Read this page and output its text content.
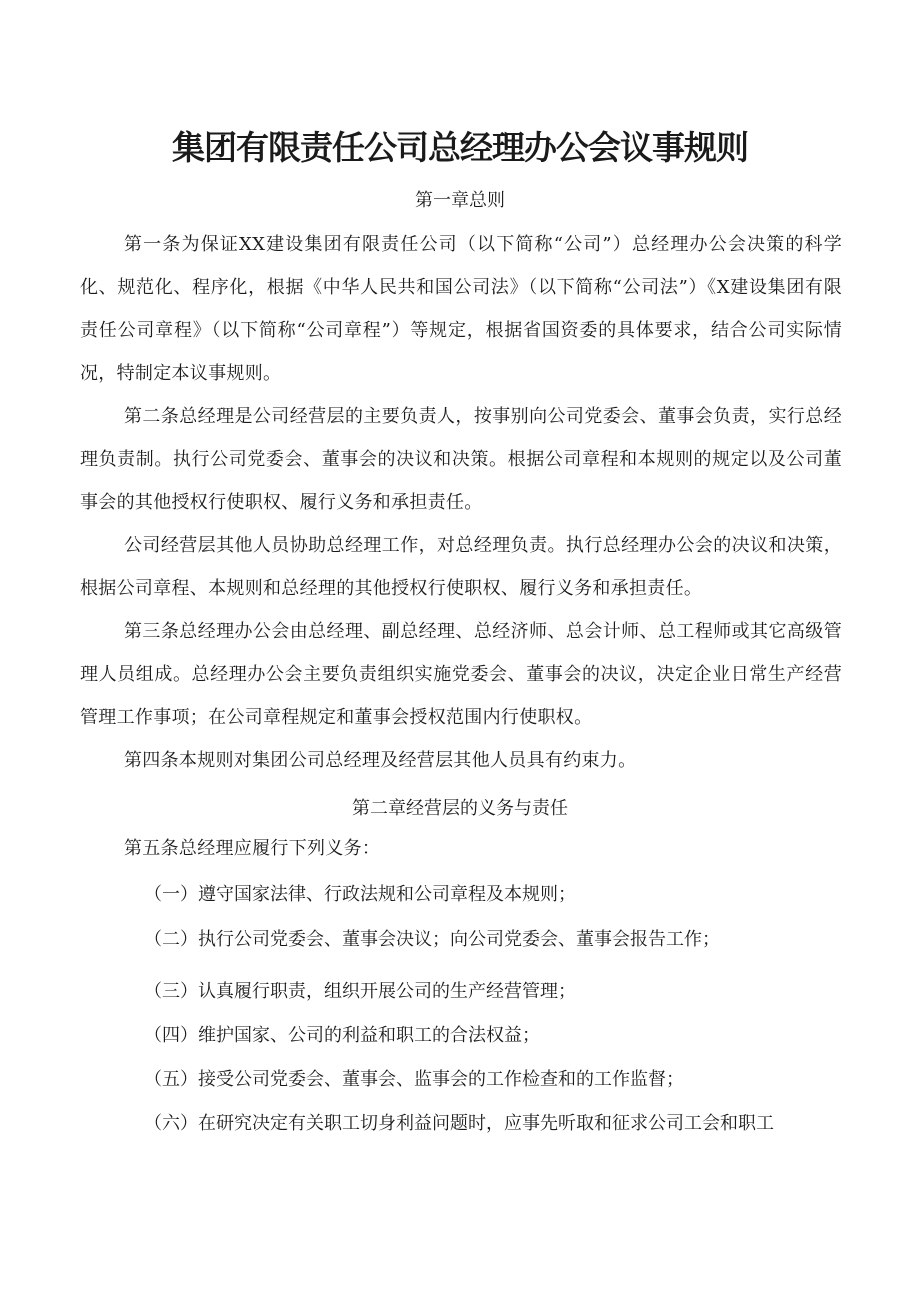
集团有限责任公司总经理办公会议事规则

第一章总则

第一条为保证XX建设集团有限责任公司（以下简称“公司”）总经理办公会决策的科学化、规范化、程序化，根据《中华人民共和国公司法》（以下简称“公司法”）《X建设集团有限责任公司章程》（以下简称“公司章程”）等规定，根据省国资委的具体要求，结合公司实际情况，特制定本议事规则。

第二条总经理是公司经营层的主要负责人，按事别向公司党委会、董事会负责，实行总经理负责制。执行公司党委会、董事会的决议和决策。根据公司章程和本规则的规定以及公司董事会的其他授权行使职权、履行义务和承担责任。

公司经营层其他人员协助总经理工作，对总经理负责。执行总经理办公会的决议和决策，根据公司章程、本规则和总经理的其他授权行使职权、履行义务和承担责任。

第三条总经理办公会由总经理、副总经理、总经济师、总会计师、总工程师或其它高级管理人员组成。总经理办公会主要负责组织实施党委会、董事会的决议，决定企业日常生产经营管理工作事项；在公司章程规定和董事会授权范围内行使职权。

第四条本规则对集团公司总经理及经营层其他人员具有约束力。

第二章经营层的义务与责任

第五条总经理应履行下列义务：

（一）遵守国家法律、行政法规和公司章程及本规则；

（二）执行公司党委会、董事会决议；向公司党委会、董事会报告工作；

（三）认真履行职责，组织开展公司的生产经营管理；

（四）维护国家、公司的利益和职工的合法权益；

（五）接受公司党委会、董事会、监事会的工作检查和的工作监督；

（六）在研究决定有关职工切身利益问题时，应事先听取和征求公司工会和职工
